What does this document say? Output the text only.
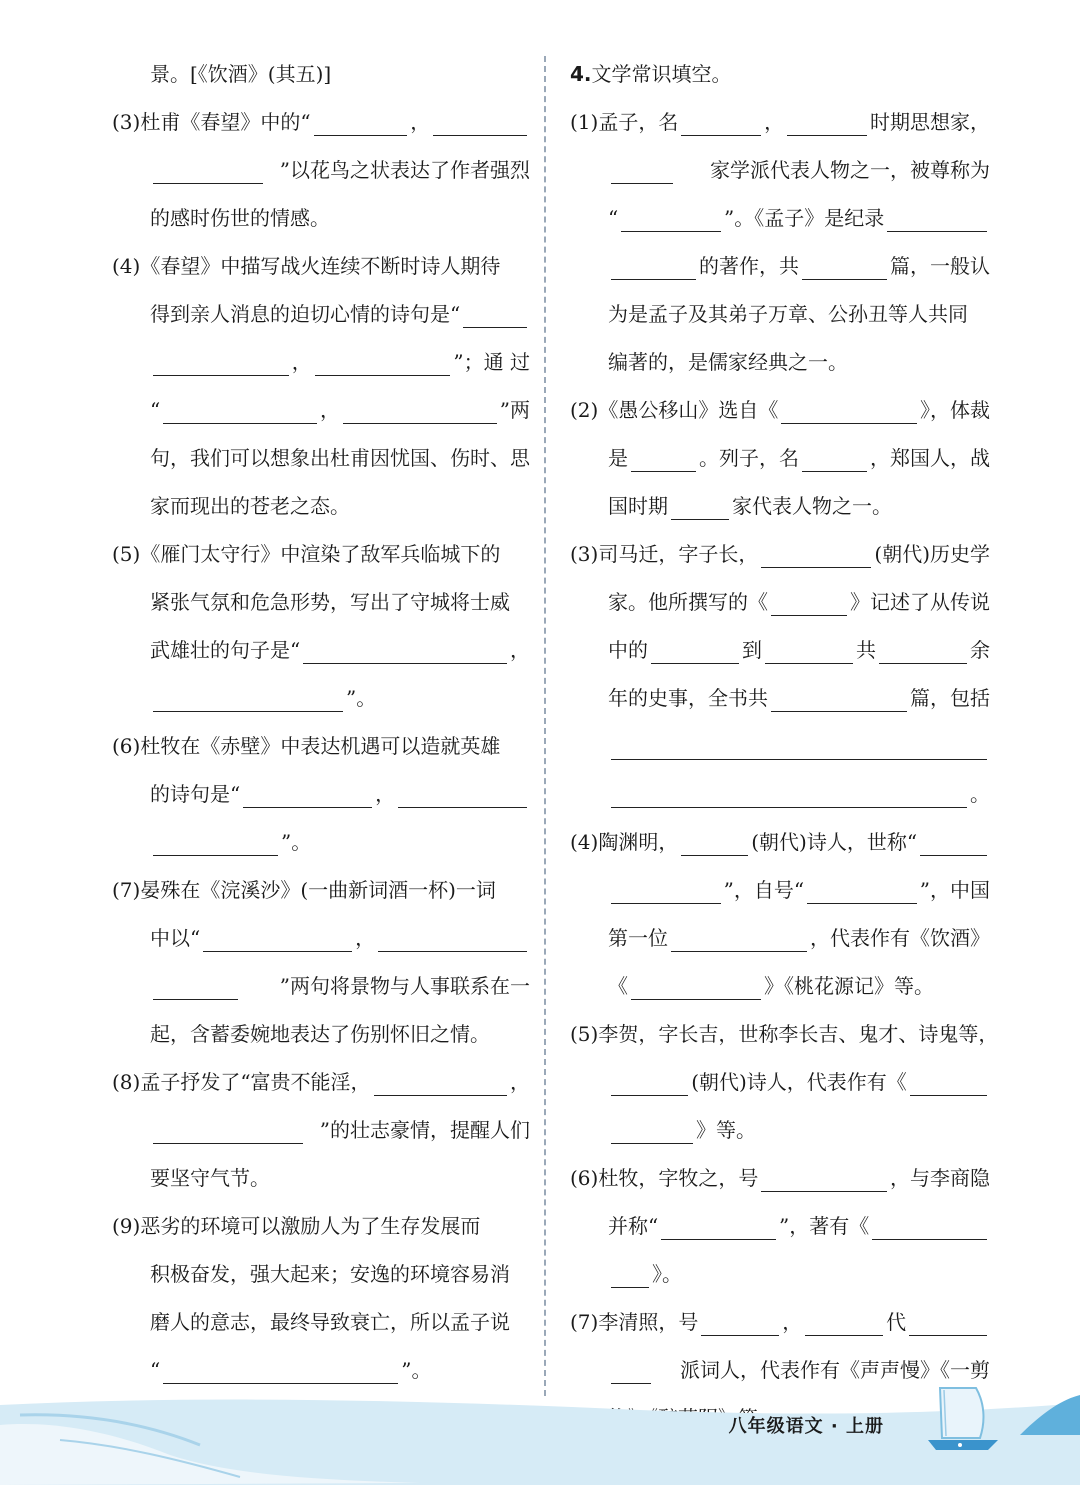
景。[《饮酒》(其五)]
(3)杜甫《春望》中的“	，
”以花鸟之状表达了作者强烈
的感时伤世的情感。
(4)《春望》中描写战火连续不断时诗人期待
得到亲人消息的迫切心情的诗句是“
，	”；通 过
“	，	”两
句，我们可以想象出杜甫因忧国、伤时、思
家而现出的苍老之态。
(5)《雁门太守行》中渲染了敌军兵临城下的
紧张气氛和危急形势，写出了守城将士威
武雄壮的句子是“	，
”。
(6)杜牧在《赤壁》中表达机遇可以造就英雄
的诗句是“	，
”。
(7)晏殊在《浣溪沙》(一曲新词酒一杯)一词
中以“	，
”两句将景物与人事联系在一
起，含蓄委婉地表达了伤别怀旧之情。
(8)孟子抒发了“富贵不能淫，	，
”的壮志豪情，提醒人们
要坚守气节。
(9)恶劣的环境可以激励人为了生存发展而
积极奋发，强大起来；安逸的环境容易消
磨人的意志，最终导致衰亡，所以孟子说
“	”。
4. 文学常识填空。
(1)孟子，名	，	时期思想家，
家学派代表人物之一，被尊称为
“	”。《孟子》是纪录
的著作，共	篇，一般认
为是孟子及其弟子万章、公孙丑等人共同
编著的，是儒家经典之一。
(2)《愚公移山》选自《	》，体裁
是	。列子，名	，郑国人，战
国时期	家代表人物之一。
(3)司马迁，字子长，	(朝代)历史学
家。他所撰写的《	》记述了从传说
中的	到	共	余
年的史事，全书共	篇，包括
。
(4)陶渊明，	(朝代)诗人，世称“
”，自号“	”，中国
第一位	，代表作有《饮酒》
《	》《桃花源记》等。
(5)李贺，字长吉，世称李长吉、鬼才、诗鬼等，
(朝代)诗人，代表作有《
》等。
(6)杜牧，字牧之，号	，与李商隐
并称“	”，著有《
》。
(7)李清照，号	，	代
派词人，代表作有《声声慢》《一剪
八年级语文 · 上册
